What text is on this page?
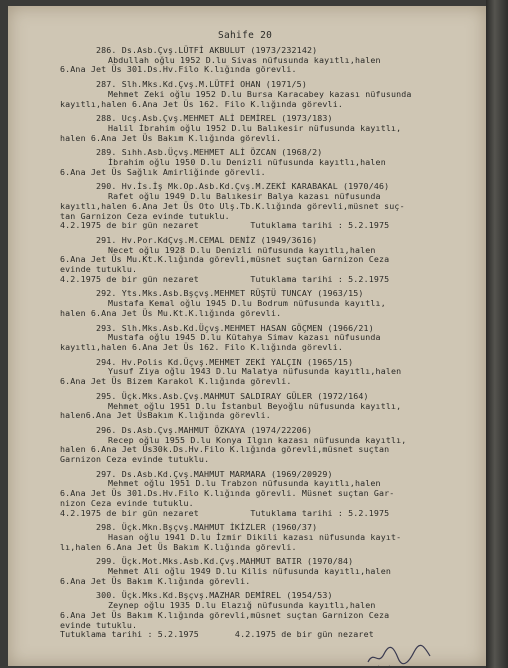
Sahife 20
286. Ds.Asb.Çvş.LÜTFİ AKBULUT (1973/232142)
Abdullah oğlu 1952 D.lu Sivas nüfusunda kayıtlı,halen
6.Ana Jet Üs 301.Ds.Hv.Filo K.lığında görevli.
287. Slh.Mks.Kd.Çvş.M.LÜTFİ OHAN (1971/5)
Mehmet Zeki oğlu 1952 D.lu Bursa Karacabey kazası nüfusunda
kayıtlı,halen 6.Ana Jet Üs 162. Filo K.lığında görevli.
288. Ucş.Asb.Çvş.MEHMET ALİ DEMİREL (1973/183)
Halil İbrahim oğlu 1952 D.lu Balıkesir nüfusunda kayıtlı,
halen 6.Ana Jet Üs Bakım K.lığında görevli.
289. Sıhh.Asb.Üçvş.MEHMET ALİ ÖZCAN (1968/2)
İbrahim oğlu 1950 D.lu Denizli nüfusunda kayıtlı,halen
6.Ana Jet Üs Sağlık Amirliğinde görevli.
290. Hv.İs.İş Mk.Op.Asb.Kd.Çvş.M.ZEKİ KARABAKAL (1970/46)
Rafet oğlu 1949 D.lu Balıkesir Balya kazası nüfusunda
kayıtlı,halen 6.Ana Jet Üs Oto Ulş.Tb.K.lığında görevli,müsnet suç-
tan Garnizon Ceza evinde tutuklu.
4.2.1975 de bir gün nezaret          Tutuklama tarihi : 5.2.1975
291. Hv.Por.KdÇvş.M.CEMAL DENİZ (1949/3616)
Necet oğlu 1928 D.lu Denizli nüfusunda kayıtlı,halen
6.Ana Jet Üs Mu.Kt.K.lığında görevli,müsnet suçtan Garnizon Ceza
evinde tutuklu.
4.2.1975 de bir gün nezaret          Tutuklama tarihi : 5.2.1975
292. Yts.Mks.Asb.Bşçvş.MEHMET RÜŞTÜ TUNCAY (1963/15)
Mustafa Kemal oğlu 1945 D.lu Bodrum nüfusunda kayıtlı,
halen 6.Ana Jet Üs Mu.Kt.K.lığında görevli.
293. Slh.Mks.Asb.Kd.Üçvş.MEHMET HASAN GÖÇMEN (1966/21)
Mustafa oğlu 1945 D.lu Kütahya Simav kazası nüfusunda
kayıtlı,halen 6.Ana Jet Üs 162. Filo K.lığında görevli.
294. Hv.Polis Kd.Üçvş.MEHMET ZEKİ YALÇIN (1965/15)
Yusuf Ziya oğlu 1943 D.lu Malatya nüfusunda kayıtlı,halen
6.Ana Jet Üs Bizem Karakol K.lığında görevli.
295. Üçk.Mks.Asb.Çvş.MAHMUT SALDIRAY GÜLER (1972/164)
Mehmet oğlu 1951 D.lu İstanbul Beyoğlu nüfusunda kayıtlı,
halen6.Ana Jet ÜsBakım K.lığında görevli.
296. Ds.Asb.Çvş.MAHMUT ÖZKAYA (1974/22206)
Recep oğlu 1955 D.lu Konya Ilgın kazası nüfusunda kayıtlı,
halen 6.Ana Jet Üs30k.Ds.Hv.Filo K.lığında görevli,müsnet suçtan
Garnizon Ceza evinde tutuklu.
297. Ds.Asb.Kd.Çvş.MAHMUT MARMARA (1969/20929)
Mehmet oğlu 1951 D.lu Trabzon nüfusunda kayıtlı,halen
6.Ana Jet Üs 301.Ds.Hv.Filo K.lığında görevli. Müsnet suçtan Gar-
nizon Ceza evinde tutuklu.
4.2.1975 de bir gün nezaret          Tutuklama tarihi : 5.2.1975
298. Üçk.Mkn.Bşçvş.MAHMUT İKİZLER (1960/37)
Hasan oğlu 1941 D.lu İzmir Dikili kazası nüfusunda kayıt-
lı,halen 6.Ana Jet Üs Bakım K.lığında görevli.
299. Üçk.Mot.Mks.Asb.Kd.Çvş.MAHMUT BATIR (1970/84)
Mehmet Ali oğlu 1949 D.lu Kilis nüfusunda kayıtlı,halen
6.Ana Jet Üs Bakım K.lığında görevli.
300. Üçk.Mks.Kd.Bşçvş.MAZHAR DEMİREL (1954/53)
Zeynep oğlu 1935 D.lu Elazığ nüfusunda kayıtlı,halen
6.Ana Jet Üs Bakım K.lığında görevli,müsnet suçtan Garnizon Ceza
evinde tutuklu.
Tutuklama tarihi : 5.2.1975       4.2.1975 de bir gün nezaret
